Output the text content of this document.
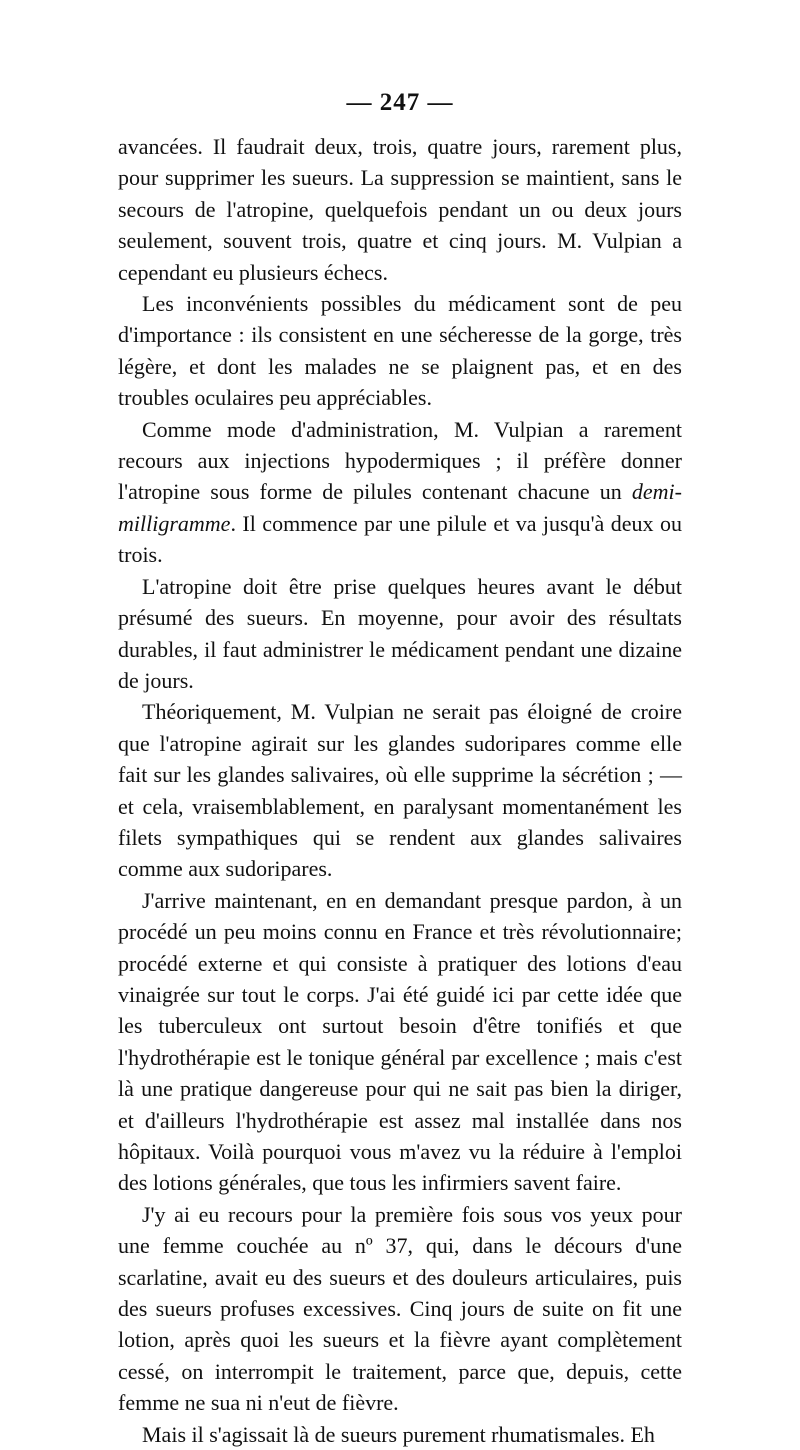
— 247 —

avancées. Il faudrait deux, trois, quatre jours, rarement plus, pour supprimer les sueurs. La suppression se maintient, sans le secours de l'atropine, quelquefois pendant un ou deux jours seulement, souvent trois, quatre et cinq jours. M. Vulpian a cependant eu plusieurs échecs.

Les inconvénients possibles du médicament sont de peu d'importance : ils consistent en une sécheresse de la gorge, très légère, et dont les malades ne se plaignent pas, et en des troubles oculaires peu appréciables.

Comme mode d'administration, M. Vulpian a rarement recours aux injections hypodermiques ; il préfère donner l'atropine sous forme de pilules contenant chacune un demi-milligramme. Il commence par une pilule et va jusqu'à deux ou trois.

L'atropine doit être prise quelques heures avant le début présumé des sueurs. En moyenne, pour avoir des résultats durables, il faut administrer le médicament pendant une dizaine de jours.

Théoriquement, M. Vulpian ne serait pas éloigné de croire que l'atropine agirait sur les glandes sudoripares comme elle fait sur les glandes salivaires, où elle supprime la sécrétion ; — et cela, vraisemblablement, en paralysant momentanément les filets sympathiques qui se rendent aux glandes salivaires comme aux sudoripares.

J'arrive maintenant, en en demandant presque pardon, à un procédé un peu moins connu en France et très révolutionnaire; procédé externe et qui consiste à pratiquer des lotions d'eau vinaigrée sur tout le corps. J'ai été guidé ici par cette idée que les tuberculeux ont surtout besoin d'être tonifiés et que l'hydrothérapie est le tonique général par excellence ; mais c'est là une pratique dangereuse pour qui ne sait pas bien la diriger, et d'ailleurs l'hydrothérapie est assez mal installée dans nos hôpitaux. Voilà pourquoi vous m'avez vu la réduire à l'emploi des lotions générales, que tous les infirmiers savent faire.

J'y ai eu recours pour la première fois sous vos yeux pour une femme couchée au nº 37, qui, dans le décours d'une scarlatine, avait eu des sueurs et des douleurs articulaires, puis des sueurs profuses excessives. Cinq jours de suite on fit une lotion, après quoi les sueurs et la fièvre ayant complètement cessé, on interrompit le traitement, parce que, depuis, cette femme ne sua ni n'eut de fièvre.

Mais il s'agissait là de sueurs purement rhumatismales. Eh
